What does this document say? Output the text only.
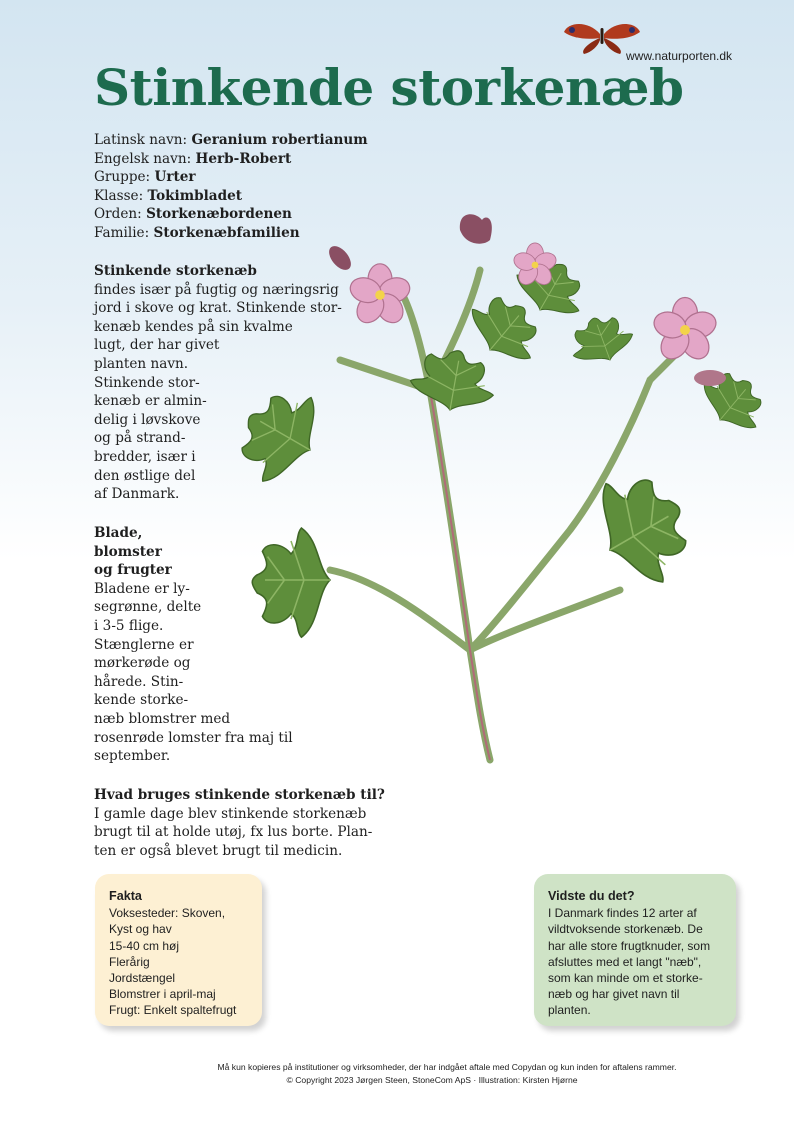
www.naturporten.dk
Stinkende storkenæb
Latinsk navn: Geranium robertianum
Engelsk navn: Herb-Robert
Gruppe: Urter
Klasse: Tokimbladet
Orden: Storkenæbordenen
Familie: Storkenæbfamilien
Stinkende storkenæb
findes især på fugtig og næringsrig
jord i skove og krat. Stinkende stor-
kenæb kendes på sin kvalme
lugt, der har givet
planten navn.
Stinkende stor-
kenæb er almin-
delig i løvskove
og på strand-
bredder, især i
den østlige del
af Danmark.
Blade,
blomster
og frugter
Bladene er ly-
segrønne, delte
i 3-5 flige.
Stænglerne er
mørkerøde og
hårede. Stin-
kende storke-
næb blomstrer med
rosenrøde lomster fra maj til
september.
Hvad bruges stinkende storkenæb til?
I gamle dage blev stinkende storkenæb
brugt til at holde utøj, fx lus borte. Plan-
ten er også blevet brugt til medicin.
Fakta
Voksesteder: Skoven,
Kyst og hav
15-40 cm høj
Flerårig
Jordstængel
Blomstrer i april-maj
Frugt: Enkelt spaltefrugt
Vidste du det?
I Danmark findes 12 arter af
vildtvoksende storkenæb. De
har alle store frugtknuder, som
afsluttes med et langt "næb",
som kan minde om et storke-
næb og har givet navn til
planten.
Må kun kopieres på institutioner og virksomheder, der har indgået aftale med Copydan og kun inden for aftalens rammer.
© Copyright 2023 Jørgen Steen, StoneCom ApS · Illustration: Kirsten Hjørne
